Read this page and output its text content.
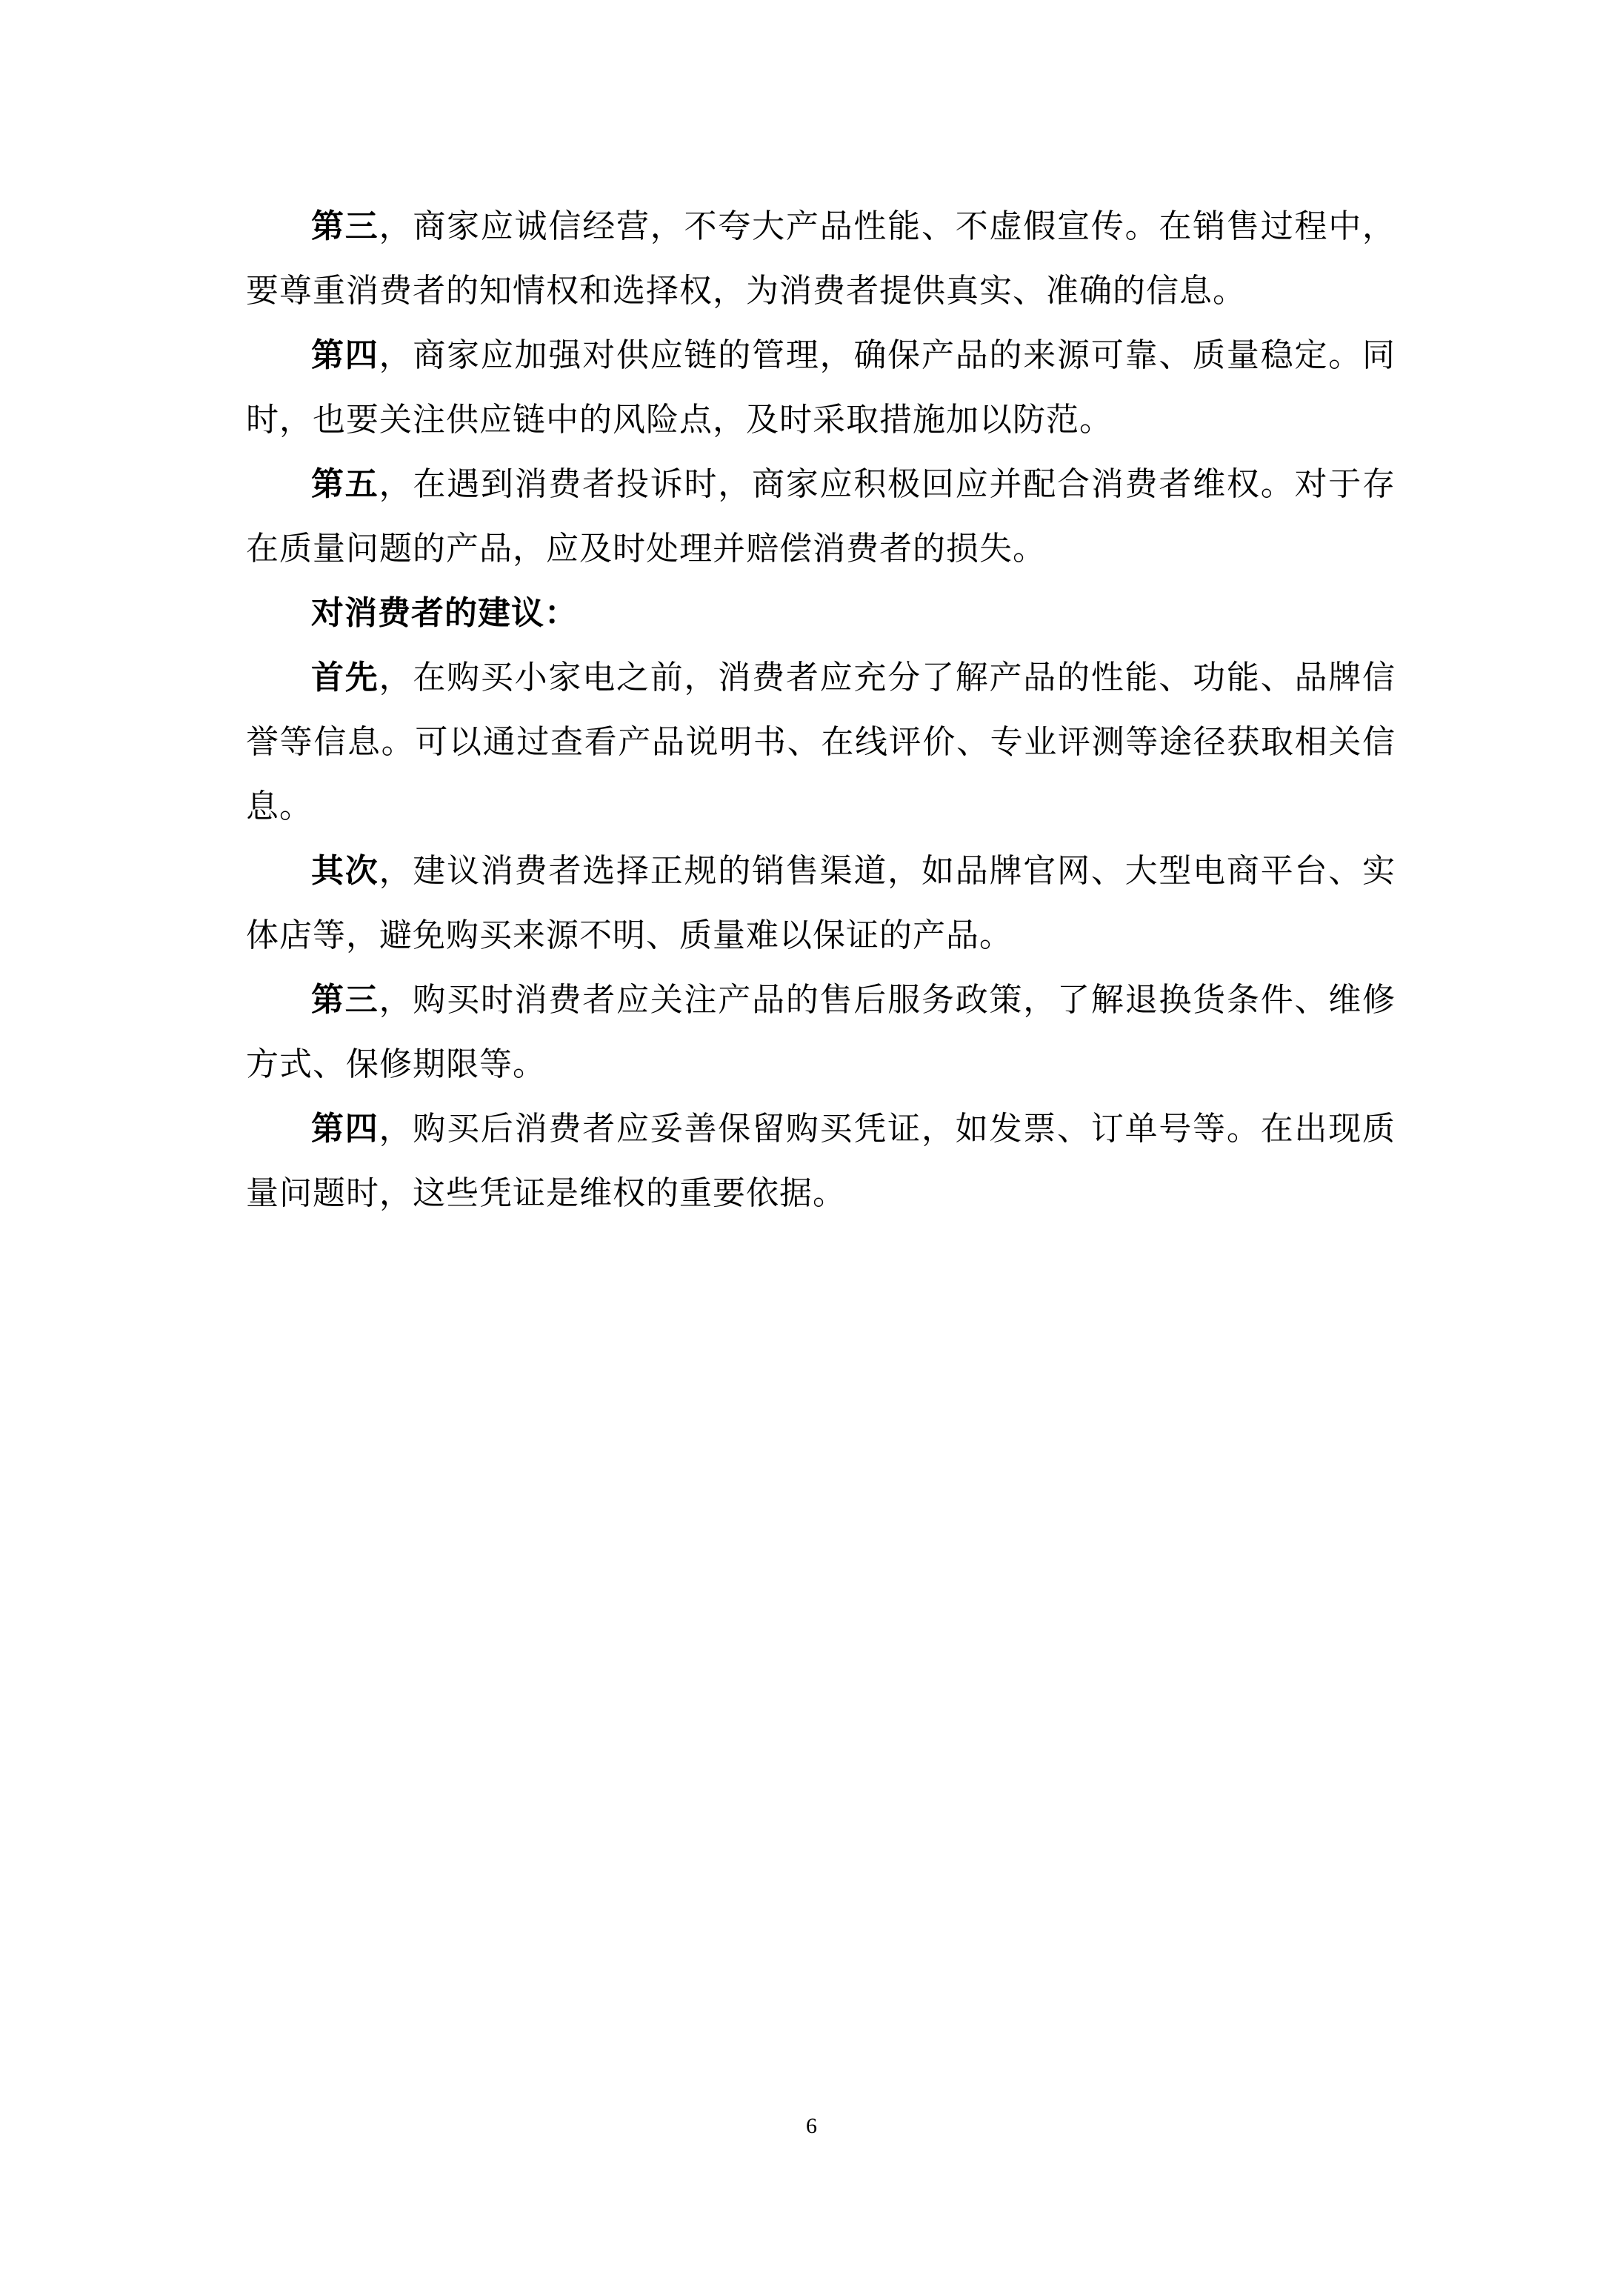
第三，商家应诚信经营，不夸大产品性能、不虚假宣传。在销售过程中，要尊重消费者的知情权和选择权，为消费者提供真实、准确的信息。

第四，商家应加强对供应链的管理，确保产品的来源可靠、质量稳定。同时，也要关注供应链中的风险点，及时采取措施加以防范。

第五，在遇到消费者投诉时，商家应积极回应并配合消费者维权。对于存在质量问题的产品，应及时处理并赔偿消费者的损失。

对消费者的建议：

首先，在购买小家电之前，消费者应充分了解产品的性能、功能、品牌信誉等信息。可以通过查看产品说明书、在线评价、专业评测等途径获取相关信息。

其次，建议消费者选择正规的销售渠道，如品牌官网、大型电商平台、实体店等，避免购买来源不明、质量难以保证的产品。

第三，购买时消费者应关注产品的售后服务政策，了解退换货条件、维修方式、保修期限等。

第四，购买后消费者应妥善保留购买凭证，如发票、订单号等。在出现质量问题时，这些凭证是维权的重要依据。

6
